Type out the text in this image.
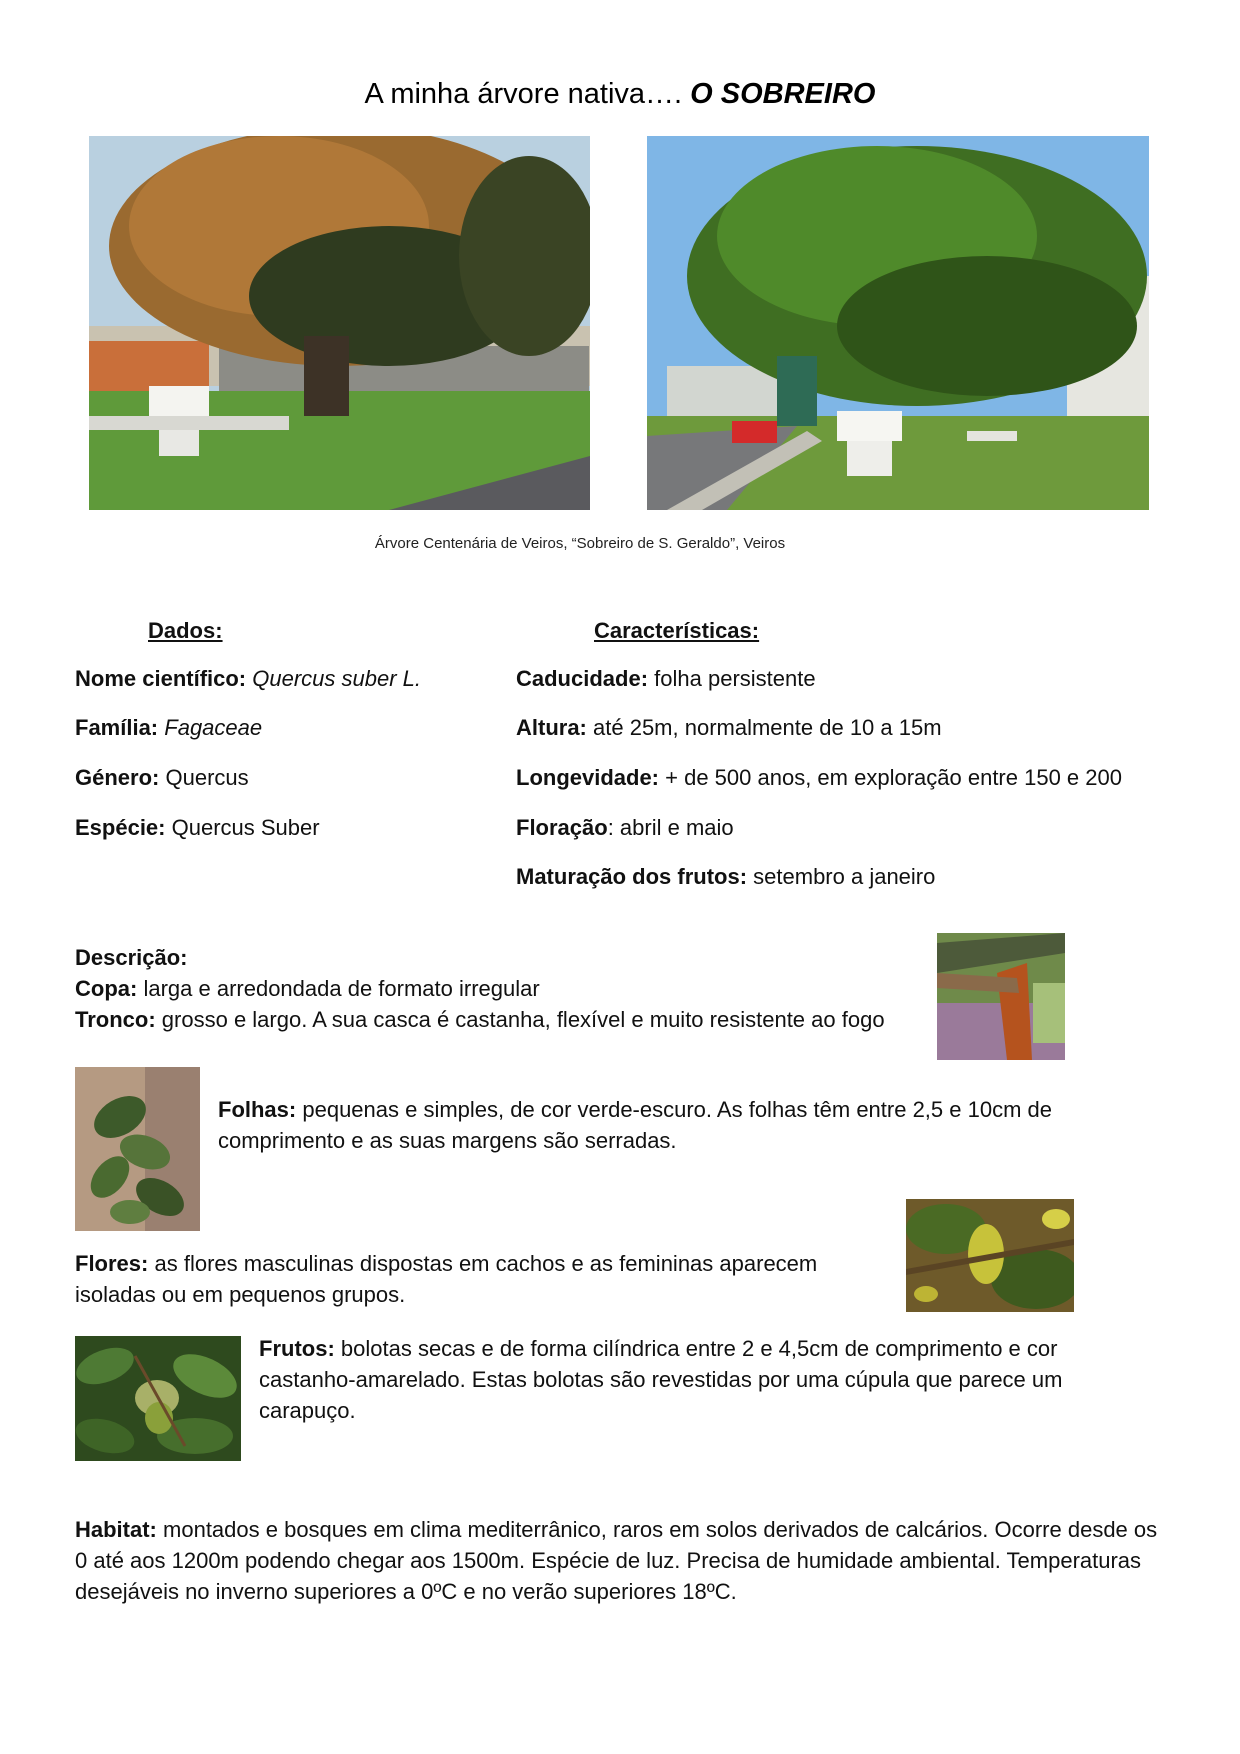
A minha árvore nativa…. O SOBREIRO
Árvore Centenária de Veiros, “Sobreiro de S. Geraldo”, Veiros
Dados:
Nome científico: Quercus suber L.
Família: Fagaceae
Género: Quercus
Espécie: Quercus Suber
Características:
Caducidade: folha persistente
Altura: até 25m, normalmente de 10 a 15m
Longevidade: + de 500 anos, em exploração entre 150 e 200
Floração: abril e maio
Maturação dos frutos: setembro a janeiro
Descrição:
Copa: larga e arredondada de formato irregular
Tronco: grosso e largo. A sua casca é castanha, flexível e muito resistente ao fogo
Folhas: pequenas e simples, de cor verde-escuro. As folhas têm entre 2,5 e 10cm de comprimento e as suas margens são serradas.
Flores: as flores masculinas dispostas em cachos e as femininas aparecem isoladas ou em pequenos grupos.
Frutos: bolotas secas e de forma cilíndrica entre 2 e 4,5cm de comprimento e cor castanho-amarelado. Estas bolotas são revestidas por uma cúpula que parece um carapuço.
Habitat: montados e bosques em clima mediterrânico, raros em solos derivados de calcários. Ocorre desde os 0 até aos 1200m podendo chegar aos 1500m. Espécie de luz. Precisa de humidade ambiental. Temperaturas desejáveis no inverno superiores a 0ºC e no verão superiores 18ºC.
